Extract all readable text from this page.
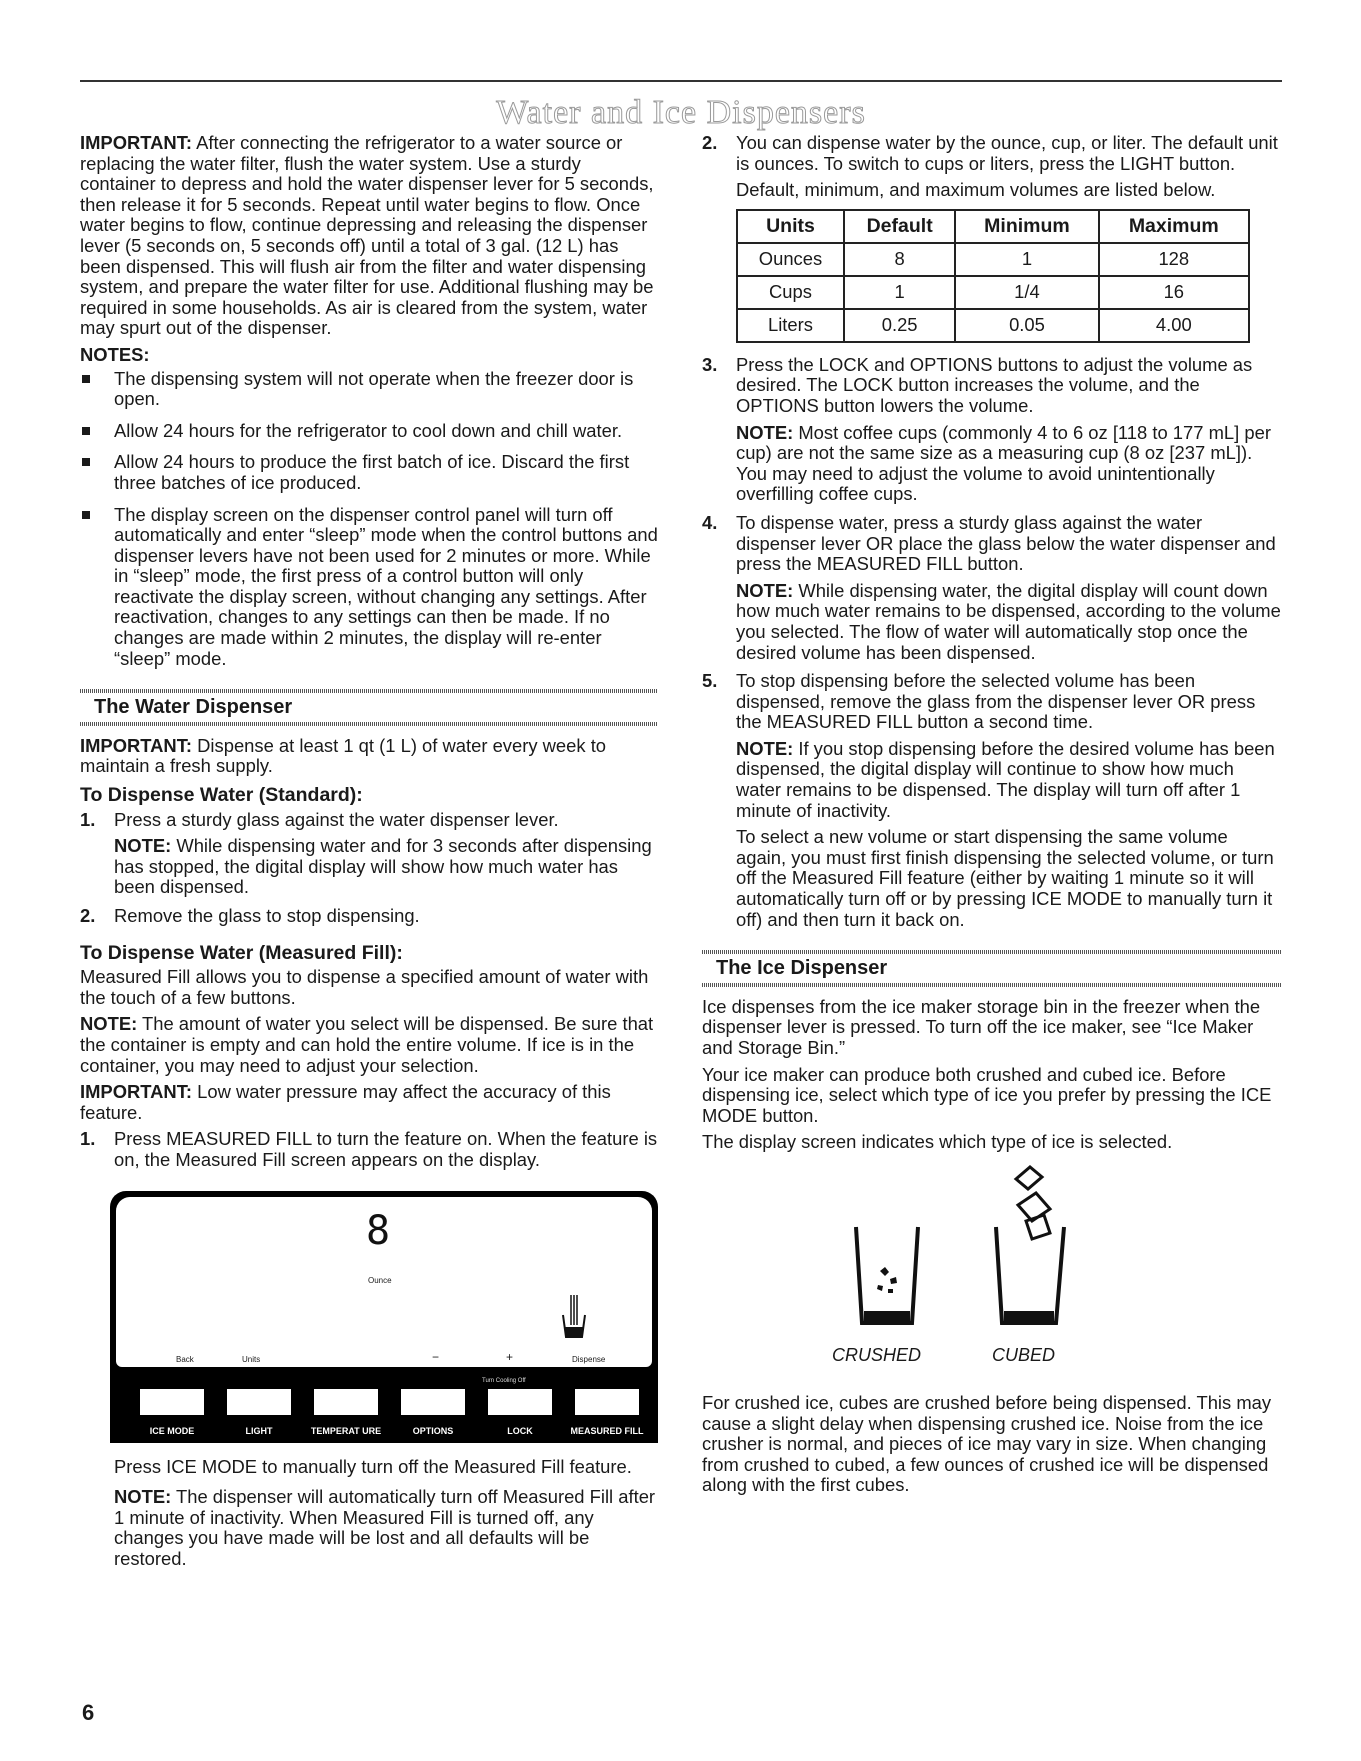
Water and Ice Dispensers

IMPORTANT: After connecting the refrigerator to a water source or replacing the water filter, flush the water system. Use a sturdy container to depress and hold the water dispenser lever for 5 seconds, then release it for 5 seconds. Repeat until water begins to flow. Once water begins to flow, continue depressing and releasing the dispenser lever (5 seconds on, 5 seconds off) until a total of 3 gal. (12 L) has been dispensed. This will flush air from the filter and water dispensing system, and prepare the water filter for use. Additional flushing may be required in some households. As air is cleared from the system, water may spurt out of the dispenser.

NOTES:
The dispensing system will not operate when the freezer door is open.
Allow 24 hours for the refrigerator to cool down and chill water.
Allow 24 hours to produce the first batch of ice. Discard the first three batches of ice produced.
The display screen on the dispenser control panel will turn off automatically and enter “sleep” mode when the control buttons and dispenser levers have not been used for 2 minutes or more. While in “sleep” mode, the first press of a control button will only reactivate the display screen, without changing any settings. After reactivation, changes to any settings can then be made. If no changes are made within 2 minutes, the display will re-enter “sleep” mode.
The Water Dispenser

IMPORTANT: Dispense at least 1 qt (1 L) of water every week to maintain a fresh supply.

To Dispense Water (Standard):
1. Press a sturdy glass against the water dispenser lever.

NOTE: While dispensing water and for 3 seconds after dispensing has stopped, the digital display will show how much water has been dispensed.

2. Remove the glass to stop dispensing.

To Dispense Water (Measured Fill):

Measured Fill allows you to dispense a specified amount of water with the touch of a few buttons.

NOTE: The amount of water you select will be dispensed. Be sure that the container is empty and can hold the entire volume. If ice is in the container, you may need to adjust your selection.

IMPORTANT: Low water pressure may affect the accuracy of this feature.

1. Press MEASURED FILL to turn the feature on. When the feature is on, the Measured Fill screen appears on the display.

8
Ounce
Back	Units	−	+	Dispense
Turn Cooling Off
ICE MODE	LIGHT	TEMPERAT URE
Hold 3 Sec
OPTIONS	LOCK
Hold 3 Sec
MEASURED FILL

Press ICE MODE to manually turn off the Measured Fill feature.

NOTE: The dispenser will automatically turn off Measured Fill after 1 minute of inactivity. When Measured Fill is turned off, any changes you have made will be lost and all defaults will be restored.

2. You can dispense water by the ounce, cup, or liter. The default unit is ounces. To switch to cups or liters, press the LIGHT button.

Default, minimum, and maximum volumes are listed below.

Units	Default	Minimum	Maximum
Ounces	8	1	128
Cups	1	1/4	16
Liters	0.25	0.05	4.00
3. Press the LOCK and OPTIONS buttons to adjust the volume as desired. The LOCK button increases the volume, and the OPTIONS button lowers the volume.

NOTE: Most coffee cups (commonly 4 to 6 oz [118 to 177 mL] per cup) are not the same size as a measuring cup (8 oz [237 mL]). You may need to adjust the volume to avoid unintentionally overfilling coffee cups.

4. To dispense water, press a sturdy glass against the water dispenser lever OR place the glass below the water dispenser and press the MEASURED FILL button.

NOTE: While dispensing water, the digital display will count down how much water remains to be dispensed, according to the volume you selected. The flow of water will automatically stop once the desired volume has been dispensed.

5. To stop dispensing before the selected volume has been dispensed, remove the glass from the dispenser lever OR press the MEASURED FILL button a second time.

NOTE: If you stop dispensing before the desired volume has been dispensed, the digital display will continue to show how much water remains to be dispensed. The display will turn off after 1 minute of inactivity.

To select a new volume or start dispensing the same volume again, you must first finish dispensing the selected volume, or turn off the Measured Fill feature (either by waiting 1 minute so it will automatically turn off or by pressing ICE MODE to manually turn it off) and then turn it back on.

The Ice Dispenser

Ice dispenses from the ice maker storage bin in the freezer when the dispenser lever is pressed. To turn off the ice maker, see “Ice Maker and Storage Bin.”

Your ice maker can produce both crushed and cubed ice. Before dispensing ice, select which type of ice you prefer by pressing the ICE MODE button.

The display screen indicates which type of ice is selected.

CRUSHED	CUBED

For crushed ice, cubes are crushed before being dispensed. This may cause a slight delay when dispensing crushed ice. Noise from the ice crusher is normal, and pieces of ice may vary in size. When changing from crushed to cubed, a few ounces of crushed ice will be dispensed along with the first cubes.

6
